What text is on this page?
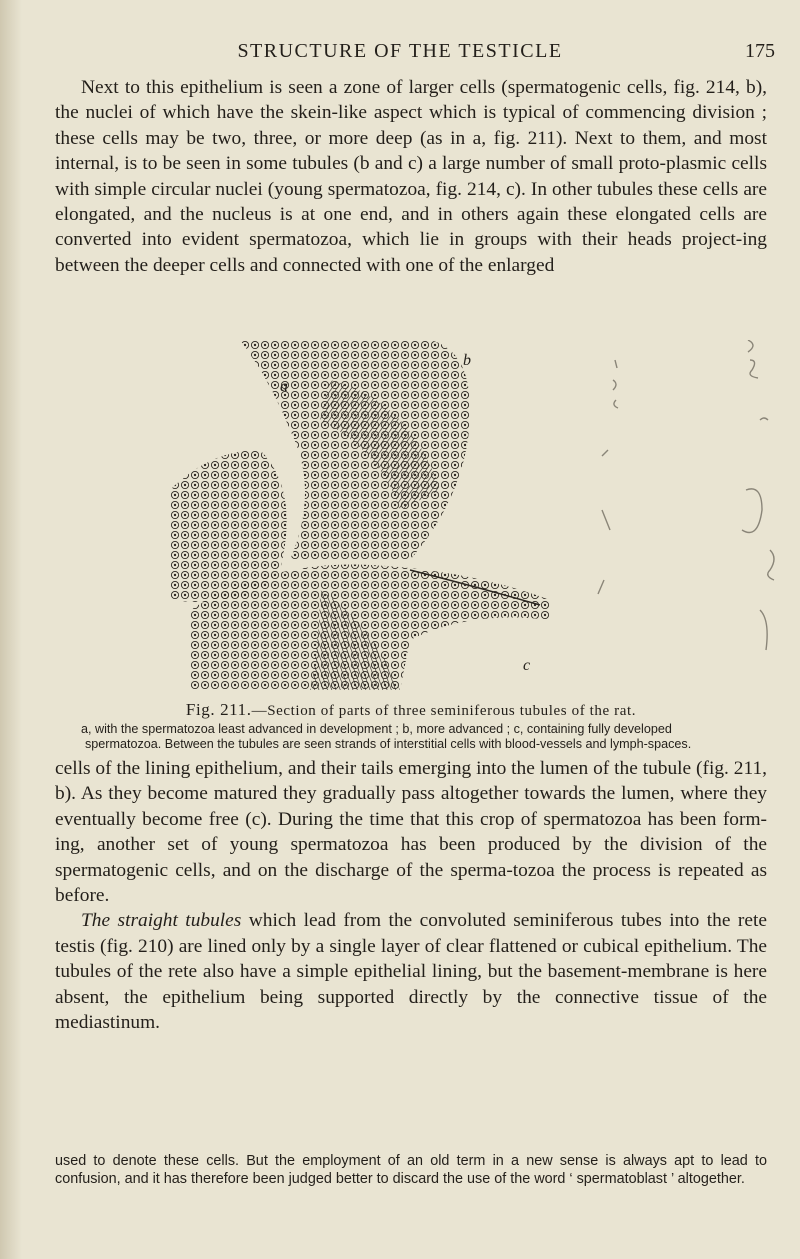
STRUCTURE OF THE TESTICLE	175

Next to this epithelium is seen a zone of larger cells (spermatogenic cells, fig. 214, b), the nuclei of which have the skein-like aspect which is typical of commencing division ; these cells may be two, three, or more deep (as in a, fig. 211). Next to them, and most internal, is to be seen in some tubules (b and c) a large number of small proto-plasmic cells with simple circular nuclei (young spermatozoa, fig. 214, c). In other tubules these cells are elongated, and the nucleus is at one end, and in others again these elongated cells are converted into evident spermatozoa, which lie in groups with their heads project-ing between the deeper cells and connected with one of the enlarged

b
a
c
Fig. 211.—Section of parts of three seminiferous tubules of the rat.
a, with the spermatozoa least advanced in development ; b, more advanced ; c, containing fully developed spermatozoa. Between the tubules are seen strands of interstitial cells with blood-vessels and lymph-spaces.

cells of the lining epithelium, and their tails emerging into the lumen of the tubule (fig. 211, b). As they become matured they gradually pass altogether towards the lumen, where they eventually become free (c). During the time that this crop of spermatozoa has been form-ing, another set of young spermatozoa has been produced by the division of the spermatogenic cells, and on the discharge of the sperma-tozoa the process is repeated as before.

The straight tubules which lead from the convoluted seminiferous tubes into the rete testis (fig. 210) are lined only by a single layer of clear flattened or cubical epithelium. The tubules of the rete also have a simple epithelial lining, but the basement-membrane is here absent, the epithelium being supported directly by the connective tissue of the mediastinum.

used to denote these cells. But the employment of an old term in a new sense is always apt to lead to confusion, and it has therefore been judged better to discard the use of the word ‘ spermatoblast ’ altogether.
